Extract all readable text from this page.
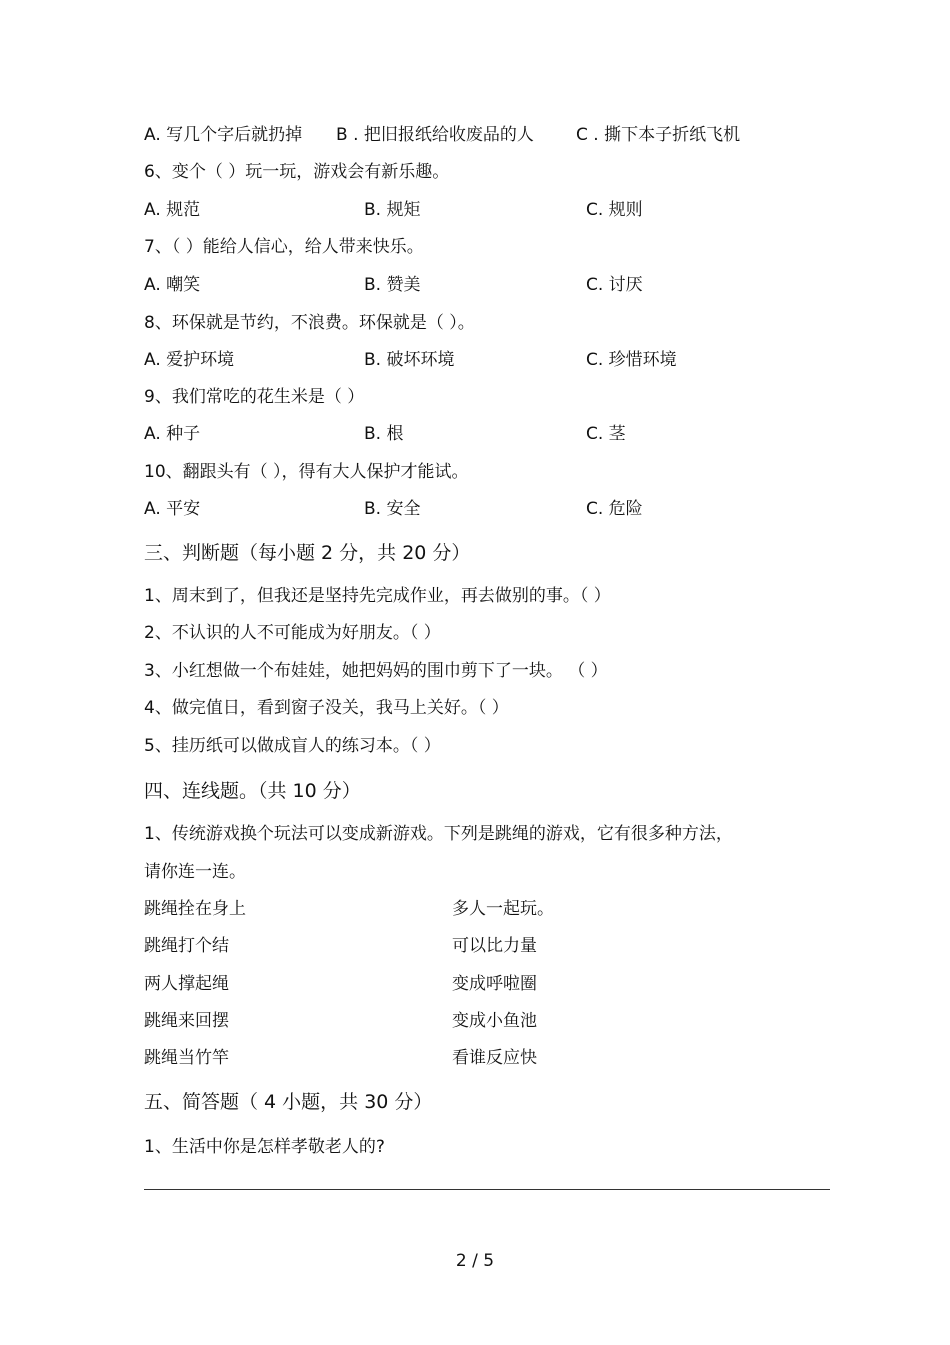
A. 写几个字后就扔掉 B . 把旧报纸给收废品的人 C . 撕下本子折纸飞机
6、变个（ ）玩一玩，游戏会有新乐趣。
A. 规范	B. 规矩	C. 规则
7、（ ）能给人信心，给人带来快乐。
A. 嘲笑	B. 赞美	C. 讨厌
8、环保就是节约，不浪费。环保就是（ ）。
A. 爱护环境	B. 破坏环境	C. 珍惜环境
9、我们常吃的花生米是（ ）
A. 种子	B. 根	C. 茎
10、翻跟头有（ ），得有大人保护才能试。
A. 平安	B. 安全	C. 危险
三、判断题（每小题 2 分，共 20 分）
1、周末到了，但我还是坚持先完成作业，再去做别的事。（ ）
2、不认识的人不可能成为好朋友。（ ）
3、小红想做一个布娃娃，她把妈妈的围巾剪下了一块。 （ ）
4、做完值日，看到窗子没关，我马上关好。（ ）
5、挂历纸可以做成盲人的练习本。（ ）
四、连线题。（共 10 分）
1、传统游戏换个玩法可以变成新游戏。下列是跳绳的游戏，它有很多种方法，
请你连一连。
跳绳拴在身上	多人一起玩。
跳绳打个结	可以比力量
两人撑起绳	变成呼啦圈
跳绳来回摆	变成小鱼池
跳绳当竹竿	看谁反应快
五、简答题（ 4 小题，共 30 分）
1、生活中你是怎样孝敬老人的?
2 / 5
